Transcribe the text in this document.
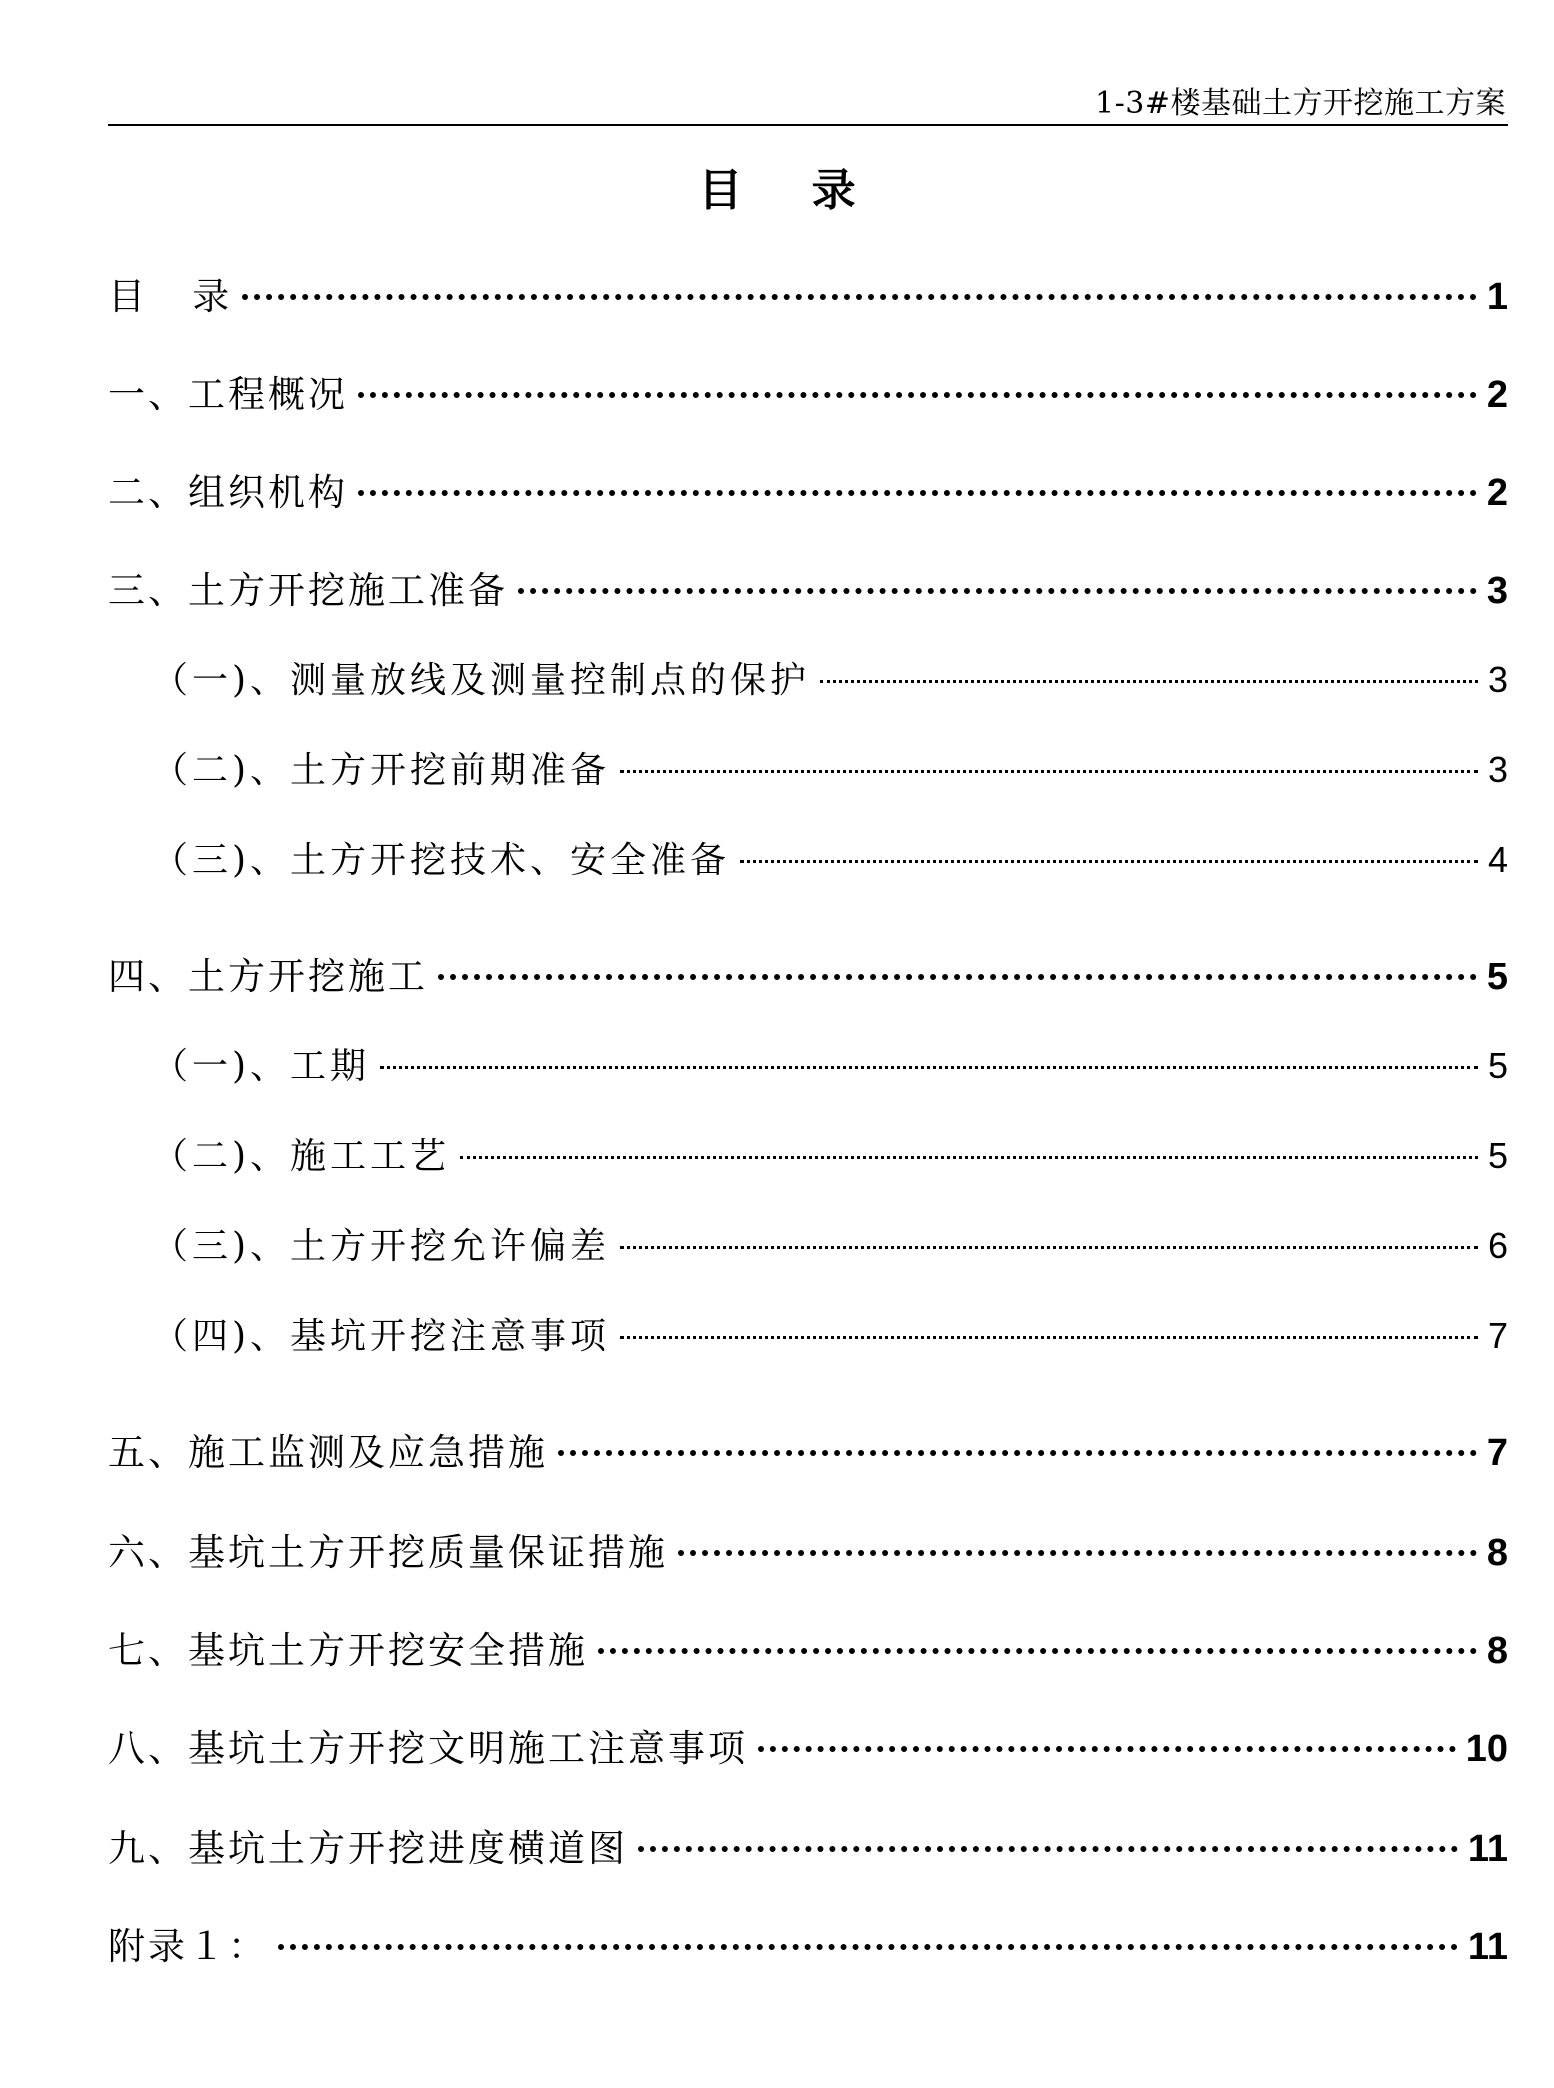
1-3#楼基础土方开挖施工方案
目 录
目   录	1
一、工程概况	2
二、组织机构	2
三、土方开挖施工准备	3
（一)、测量放线及测量控制点的保护	3
（二)、土方开挖前期准备	3
（三)、土方开挖技术、安全准备	4
四、土方开挖施工	5
（一)、工期	5
（二)、施工工艺	5
（三)、土方开挖允许偏差	6
（四)、基坑开挖注意事项	7
五、施工监测及应急措施	7
六、基坑土方开挖质量保证措施	8
七、基坑土方开挖安全措施	8
八、基坑土方开挖文明施工注意事项	10
九、基坑土方开挖进度横道图	11
附录１：	11
